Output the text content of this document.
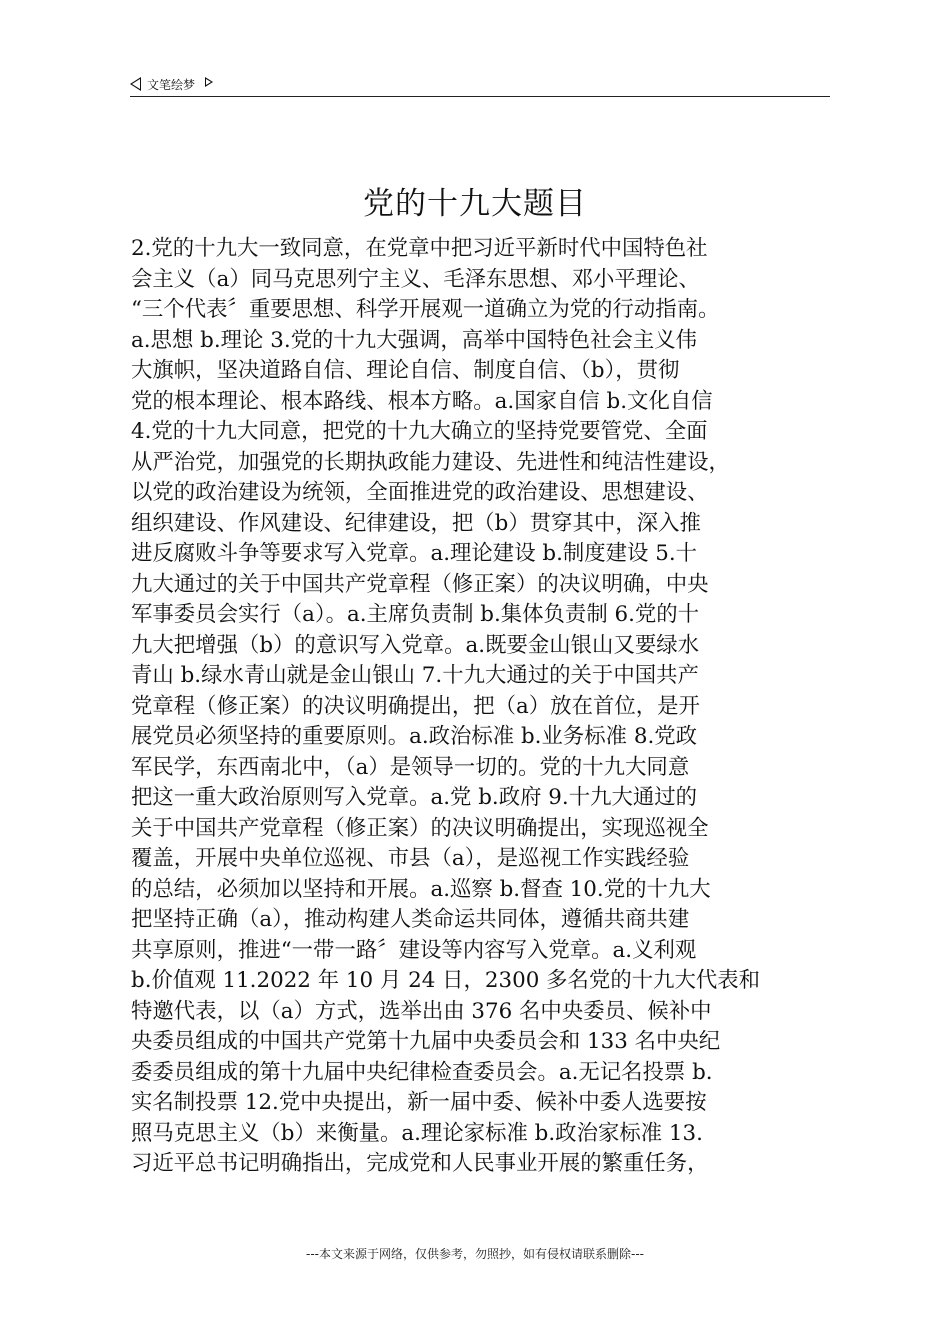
文笔绘梦
党的十九大题目
2.党的十九大一致同意，在党章中把习近平新时代中国特色社
会主义（a）同马克思列宁主义、毛泽东思想、邓小平理论、
“三个代表〞重要思想、科学开展观一道确立为党的行动指南。
a.思想 b.理论 3.党的十九大强调，高举中国特色社会主义伟
大旗帜，坚决道路自信、理论自信、制度自信、（b），贯彻
党的根本理论、根本路线、根本方略。a.国家自信 b.文化自信
4.党的十九大同意，把党的十九大确立的坚持党要管党、全面
从严治党，加强党的长期执政能力建设、先进性和纯洁性建设，
以党的政治建设为统领，全面推进党的政治建设、思想建设、
组织建设、作风建设、纪律建设，把（b）贯穿其中，深入推
进反腐败斗争等要求写入党章。a.理论建设 b.制度建设 5.十
九大通过的关于中国共产党章程（修正案）的决议明确，中央
军事委员会实行（a）。a.主席负责制 b.集体负责制 6.党的十
九大把增强（b）的意识写入党章。a.既要金山银山又要绿水
青山 b.绿水青山就是金山银山 7.十九大通过的关于中国共产
党章程（修正案）的决议明确提出，把（a）放在首位，是开
展党员必须坚持的重要原则。a.政治标准 b.业务标准 8.党政
军民学，东西南北中，（a）是领导一切的。党的十九大同意
把这一重大政治原则写入党章。a.党 b.政府 9.十九大通过的
关于中国共产党章程（修正案）的决议明确提出，实现巡视全
覆盖，开展中央单位巡视、市县（a），是巡视工作实践经验
的总结，必须加以坚持和开展。a.巡察 b.督查 10.党的十九大
把坚持正确（a），推动构建人类命运共同体，遵循共商共建
共享原则，推进“一带一路〞建设等内容写入党章。a.义利观
b.价值观 11.2022 年 10 月 24 日，2300 多名党的十九大代表和
特邀代表，以（a）方式，选举出由 376 名中央委员、候补中
央委员组成的中国共产党第十九届中央委员会和 133 名中央纪
委委员组成的第十九届中央纪律检查委员会。a.无记名投票 b.
实名制投票 12.党中央提出，新一届中委、候补中委人选要按
照马克思主义（b）来衡量。a.理论家标准 b.政治家标准 13.
习近平总书记明确指出，完成党和人民事业开展的繁重任务，
---本文来源于网络，仅供参考，勿照抄，如有侵权请联系删除---
